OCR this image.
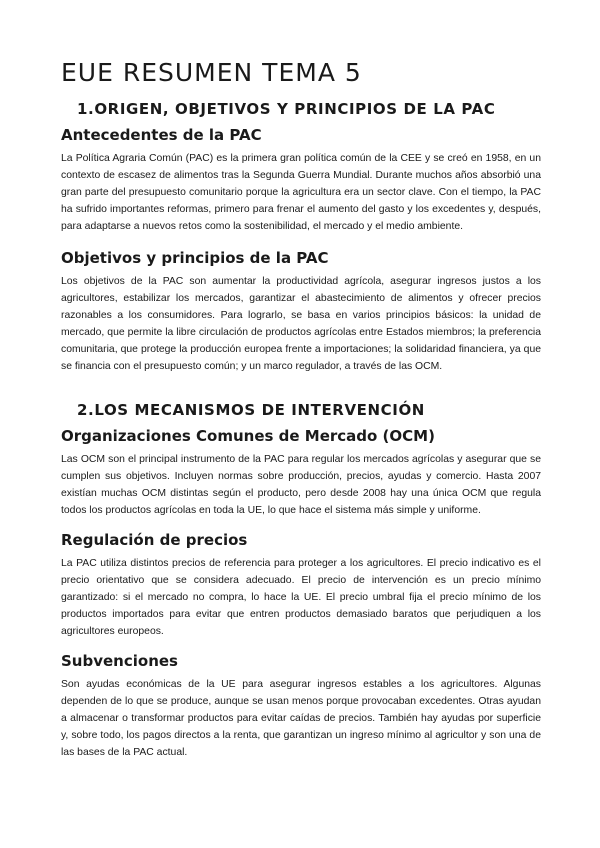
EUE RESUMEN TEMA 5
1.ORIGEN, OBJETIVOS Y PRINCIPIOS DE LA PAC
Antecedentes de la PAC

La Política Agraria Común (PAC) es la primera gran política común de la CEE y se creó en 1958, en un contexto de escasez de alimentos tras la Segunda Guerra Mundial. Durante muchos años absorbió una gran parte del presupuesto comunitario porque la agricultura era un sector clave. Con el tiempo, la PAC ha sufrido importantes reformas, primero para frenar el aumento del gasto y los excedentes y, después, para adaptarse a nuevos retos como la sostenibilidad, el mercado y el medio ambiente.

Objetivos y principios de la PAC

Los objetivos de la PAC son aumentar la productividad agrícola, asegurar ingresos justos a los agricultores, estabilizar los mercados, garantizar el abastecimiento de alimentos y ofrecer precios razonables a los consumidores. Para lograrlo, se basa en varios principios básicos: la unidad de mercado, que permite la libre circulación de productos agrícolas entre Estados miembros; la preferencia comunitaria, que protege la producción europea frente a importaciones; la solidaridad financiera, ya que se financia con el presupuesto común; y un marco regulador, a través de las OCM.

2.LOS MECANISMOS DE INTERVENCIÓN
Organizaciones Comunes de Mercado (OCM)

Las OCM son el principal instrumento de la PAC para regular los mercados agrícolas y asegurar que se cumplen sus objetivos. Incluyen normas sobre producción, precios, ayudas y comercio. Hasta 2007 existían muchas OCM distintas según el producto, pero desde 2008 hay una única OCM que regula todos los productos agrícolas en toda la UE, lo que hace el sistema más simple y uniforme.

Regulación de precios

La PAC utiliza distintos precios de referencia para proteger a los agricultores. El precio indicativo es el precio orientativo que se considera adecuado. El precio de intervención es un precio mínimo garantizado: si el mercado no compra, lo hace la UE. El precio umbral fija el precio mínimo de los productos importados para evitar que entren productos demasiado baratos que perjudiquen a los agricultores europeos.

Subvenciones

Son ayudas económicas de la UE para asegurar ingresos estables a los agricultores. Algunas dependen de lo que se produce, aunque se usan menos porque provocaban excedentes. Otras ayudan a almacenar o transformar productos para evitar caídas de precios. También hay ayudas por superficie y, sobre todo, los pagos directos a la renta, que garantizan un ingreso mínimo al agricultor y son una de las bases de la PAC actual.
